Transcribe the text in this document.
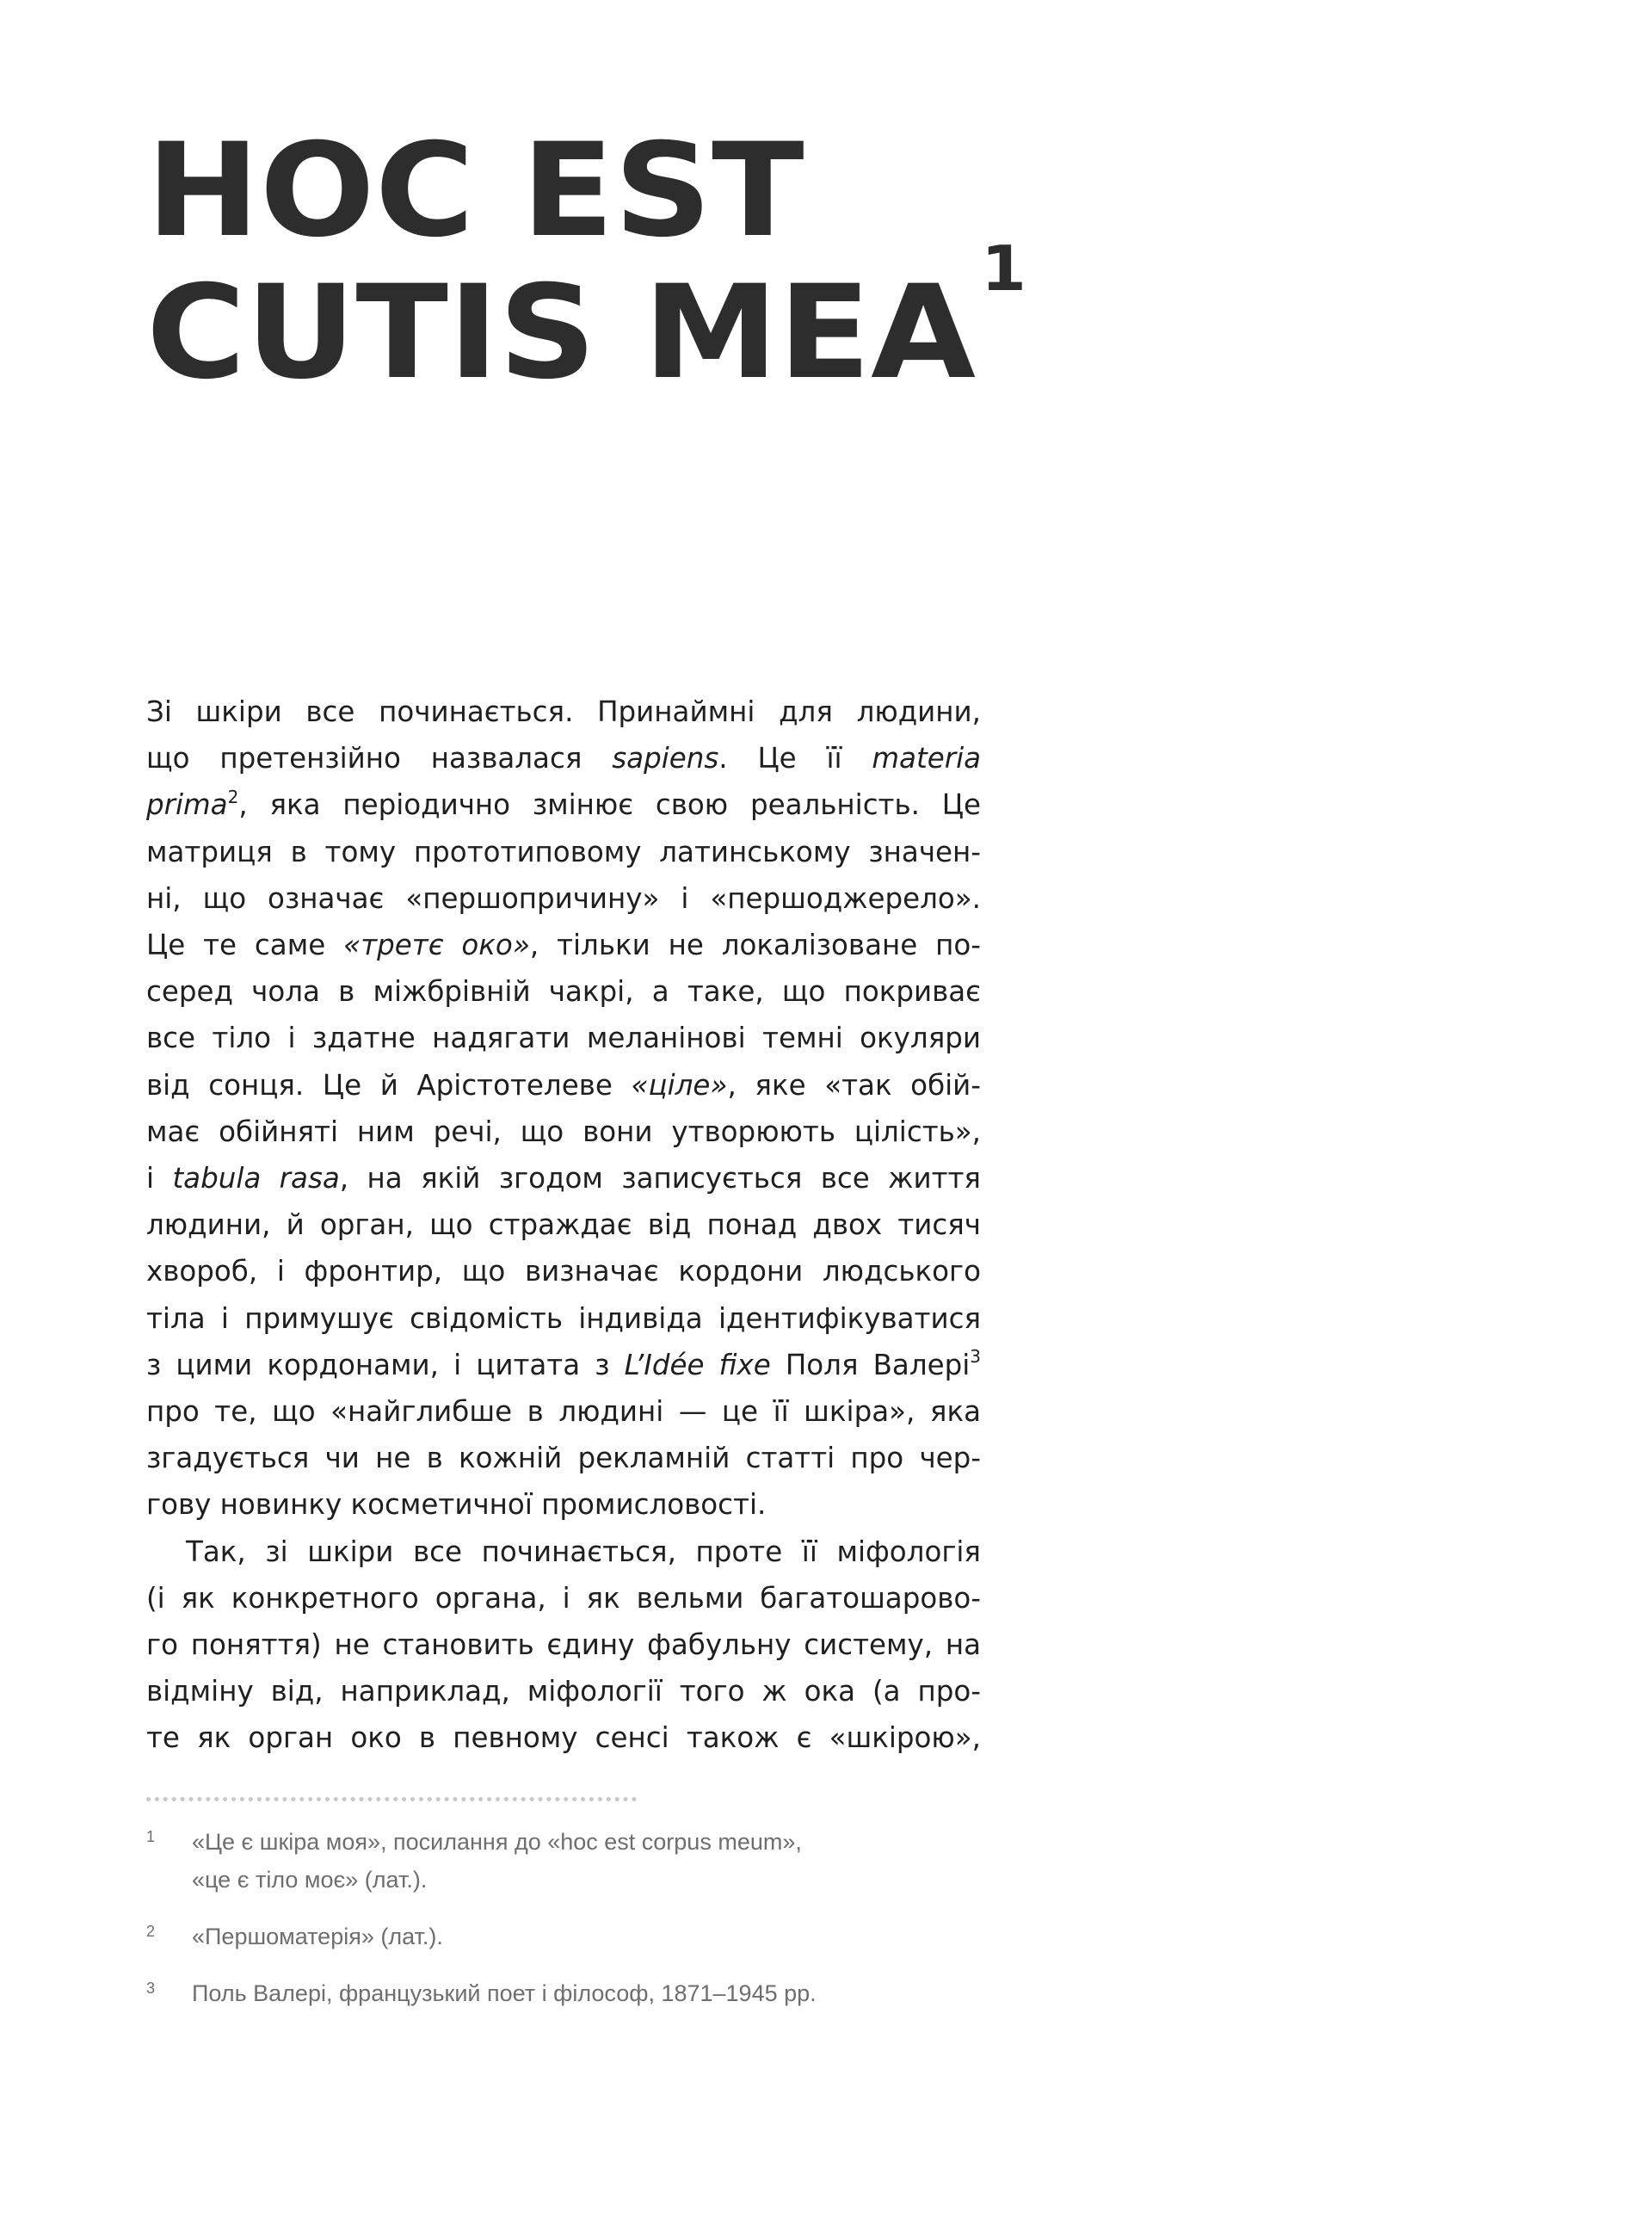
HOC EST
CUTIS MEA$^1$
Зі шкіри все починається. Принаймні для людини,
що претензійно назвалася sapiens. Це її materia
prima$^2$, яка періодично змінює свою реальність. Це
матриця в тому прототиповому латинському значен-
ні, що означає «першопричину» і «першоджерело».
Це те саме «третє око», тільки не локалізоване по-
серед чола в міжбрівній чакрі, а таке, що покриває
все тіло і здатне надягати меланінові темні окуляри
від сонця. Це й Арістотелеве «ціле», яке «так обій-
має обійняті ним речі, що вони утворюють цілість»,
і tabula rasa, на якій згодом записується все життя
людини, й орган, що страждає від понад двох тисяч
хвороб, і фронтир, що визначає кордони людського
тіла і примушує свідомість індивіда ідентифікуватися
з цими кордонами, і цитата з L’Idée fixe Поля Валері$^3$
про те, що «найглибше в людині — це її шкіра», яка
згадується чи не в кожній рекламній статті про чер-
гову новинку косметичної промисловості.
Так, зі шкіри все починається, проте її міфологія
(і як конкретного органа, і як вельми багатошарово-
го поняття) не становить єдину фабульну систему, на
відміну від, наприклад, міфології того ж ока (а про-
те як орган око в певному сенсі також є «шкірою»,
1 «Це є шкіра моя», посилання до «hoc est corpus meum»,
«це є тіло моє» (лат.).
2 «Першоматерія» (лат.).
3 Поль Валері, французький поет і філософ, 1871–1945 рр.
